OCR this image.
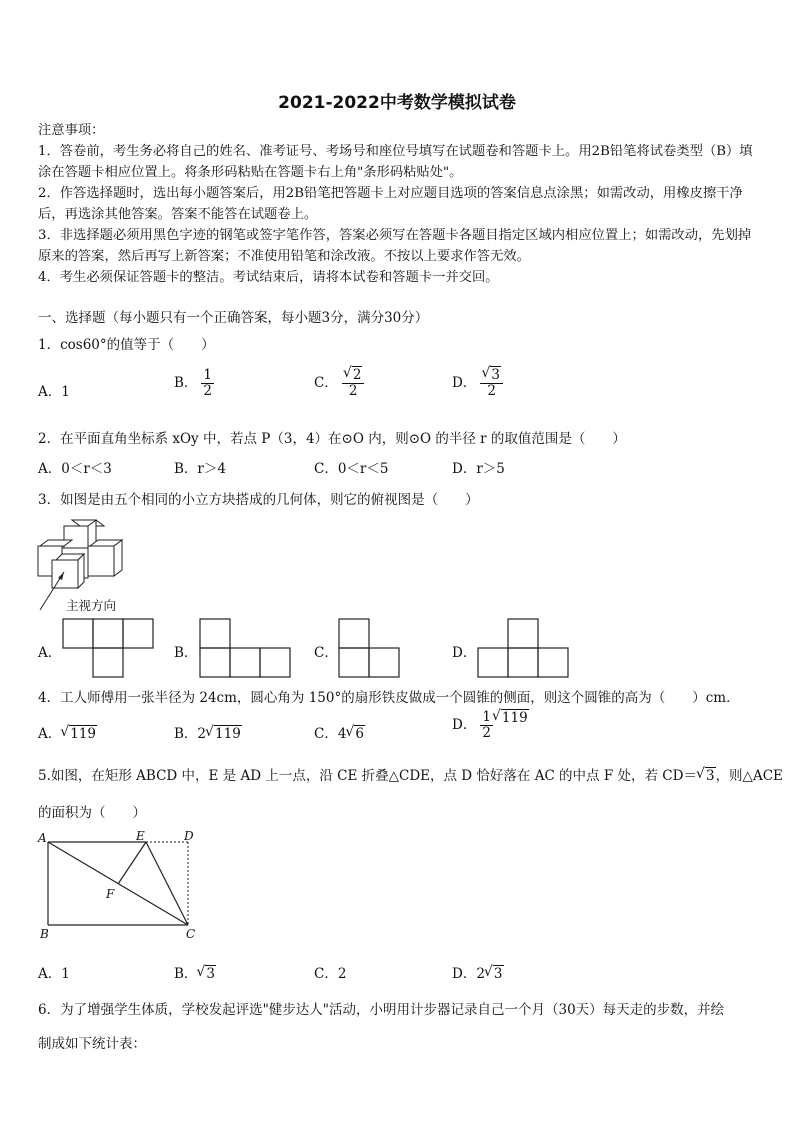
2021-2022中考数学模拟试卷
注意事项：
1．答卷前，考生务必将自己的姓名、准考证号、考场号和座位号填写在试题卷和答题卡上。用2B铅笔将试卷类型（B）填涂在答题卡相应位置上。将条形码粘贴在答题卡右上角"条形码粘贴处"。
2．作答选择题时，选出每小题答案后，用2B铅笔把答题卡上对应题目选项的答案信息点涂黑；如需改动，用橡皮擦干净后，再选涂其他答案。答案不能答在试题卷上。
3．非选择题必须用黑色字迹的钢笔或签字笔作答，答案必须写在答题卡各题目指定区域内相应位置上；如需改动，先划掉原来的答案，然后再写上新答案；不准使用铅笔和涂改液。不按以上要求作答无效。
4．考生必须保证答题卡的整洁。考试结束后，请将本试卷和答题卡一并交回。
一、选择题（每小题只有一个正确答案，每小题3分，满分30分）
1．cos60°的值等于（　　）
A．1
B． $\frac{1}{2}$	C． √ $\frac{2}{2}$	D． √ $\frac{3}{2}$
2．在平面直角坐标系 xOy 中，若点 P（3，4）在⊙O 内，则⊙O 的半径 r 的取值范围是（　　）
A．0＜r＜3	B．r＞4	C．0＜r＜5	D．r＞5
3．如图是由五个相同的小立方块搭成的几何体，则它的俯视图是（　　）
主视方向
A．	B．	C．	D．
4．工人师傅用一张半径为 24cm，圆心角为 150°的扇形铁皮做成一个圆锥的侧面，则这个圆锥的高为（　　）cm．
A． √ 119	B．2 √ 119	C．4 √ 6
D． $\frac{1}{2}$ √ 119
5.如图，在矩形 ABCD 中，E 是 AD 上一点，沿 CE 折叠△CDE，点 D 恰好落在 AC 的中点 F 处，若 CD＝ √ 3，则△ACE
的面积为（　　）
A	E	D
F
B	C
A．1	B． √ 3	C．2	D．2 √ 3
6．为了增强学生体质，学校发起评选"健步达人"活动，小明用计步器记录自己一个月（30天）每天走的步数，并绘
制成如下统计表：
